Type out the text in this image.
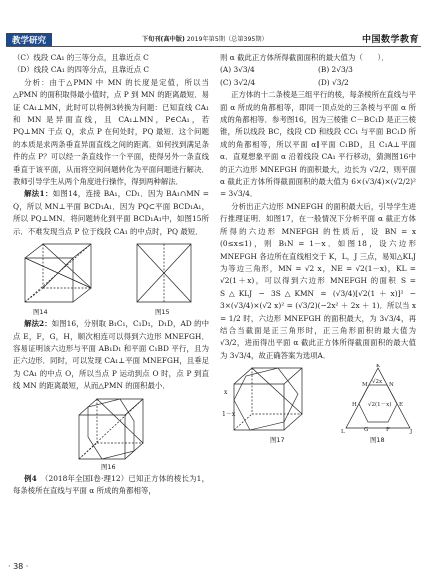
教学研究	下旬刊(高中版) 2019年第5期（总第395期）	中国数学教育

（C）线段 CA₁ 的三等分点，且靠近点 C

（D）线段 CA₁ 的四等分点，且靠近点 C

分析：由于△PMN 中 MN 的长度是定值，所以当△PMN 的面积取得最小值时，点 P 到 MN 的距离最短．易证 CA₁⊥MN，此时可以将例3转换为问题：已知直线 CA₁ 和 MN 是异面直线，且 CA₁⊥MN，P∈CA₁，若 PQ⊥MN 于点 Q，求点 P 在何处时，PQ 最短．这个问题的本质是求两条垂直异面直线之间的距离．如何找到满足条件的点 P？可以经一条直线作一个平面，使得另外一条直线垂直于该平面，从而将空间问题转化为平面问题进行解决．教师引导学生从两个角度进行操作，得到两种解法．

解法1：如图14，连接 BA₁，CD₁．因为 BA₁∩MN = Q，所以 MN⊥平面 BCD₁A₁．因为 PQ⊂平面 BCD₁A₁，所以 PQ⊥MN．将问题转化到平面 BCD₁A₁中，如图15所示．不难发现当点 P 位于线段 CA₁ 的中点时，PQ 最短．

图14	图15

解法2：如图16，分别取 B₁C₁，C₁D₁，D₁D，AD 的中点 E，F，G，H，顺次相连可以得到六边形 MNEFGH．容易证明该六边形与平面 AB₁D₁ 和平面 C₁BD 平行，且为正六边形．同时，可以发现 CA₁⊥平面 MNEFGH，且垂足为 CA₁ 的中点 O，所以当点 P 运动到点 O 时，点 P 到直线 MN 的距离最短，从而△PMN 的面积最小．

图16

例4　 （2018年全国Ⅰ卷·理12）已知正方体的棱长为1，每条棱所在直线与平面 α 所成的角都相等，

· 38 ·

则 α 截此正方体所得截面面积的最大值为（　　）．

(A) 3√3/4	(B) 2√3/3
(C) 3√2/4	(D) √3/2

正方体的十二条棱是三组平行的棱，每条棱所在直线与平面 α 所成的角都相等，即同一顶点处的三条棱与平面 α 所成的角都相等．参考图16，因为三棱锥 C－BC₁D 是正三棱锥，所以线段 BC，线段 CD 和线段 CC₁ 与平面 BC₁D 所成的角都相等，所以平面 α∥平面 C₁BD，且 C₁A⊥平面 α．直观想象平面 α 沿着线段 CA₁ 平行移动，猜测图16中的正六边形 MNEFGH 的面积最大，边长为 √2/2，则平面 α 截此正方体所得截面面积的最大值为 6×(√3/4)×(√2/2)² = 3√3/4．

分析出正六边形 MNEFGH 的面积最大后，引导学生进行推理证明．如图17，在一般情况下分析平面 α 截正方体所得的六边形 MNEFGH 的性质后，设 BN = x (0≤x≤1)，则 B₁N = 1－x．如图18，设六边形 MNEFGH 各边所在直线相交于 K，L，J 三点，易知△KLJ 为等边三角形，MN = √2 x，NE = √2(1－x)，KL = √2(1＋x)，可以得到六边形 MNEFGH 的面积 S = S△KLJ − 3S△KMN = (√3/4)[√2(1＋x)]² − 3×(√3/4)×(√2 x)² = (√3/2)(−2x² ＋ 2x ＋ 1)．所以当 x = 1/2 时，六边形 MNEFGH 的面积最大，为 3√3/4，再结合当截面是正三角形时，正三角形面积的最大值为 √3/2，进而得出平面 α 截此正方体所得截面面积的最大值为 3√3/4，故正确答案为选项A．

x
1－x
K
M	N
H	E
L	J
G	F
√2x
√2(1－x)
图17	图18
